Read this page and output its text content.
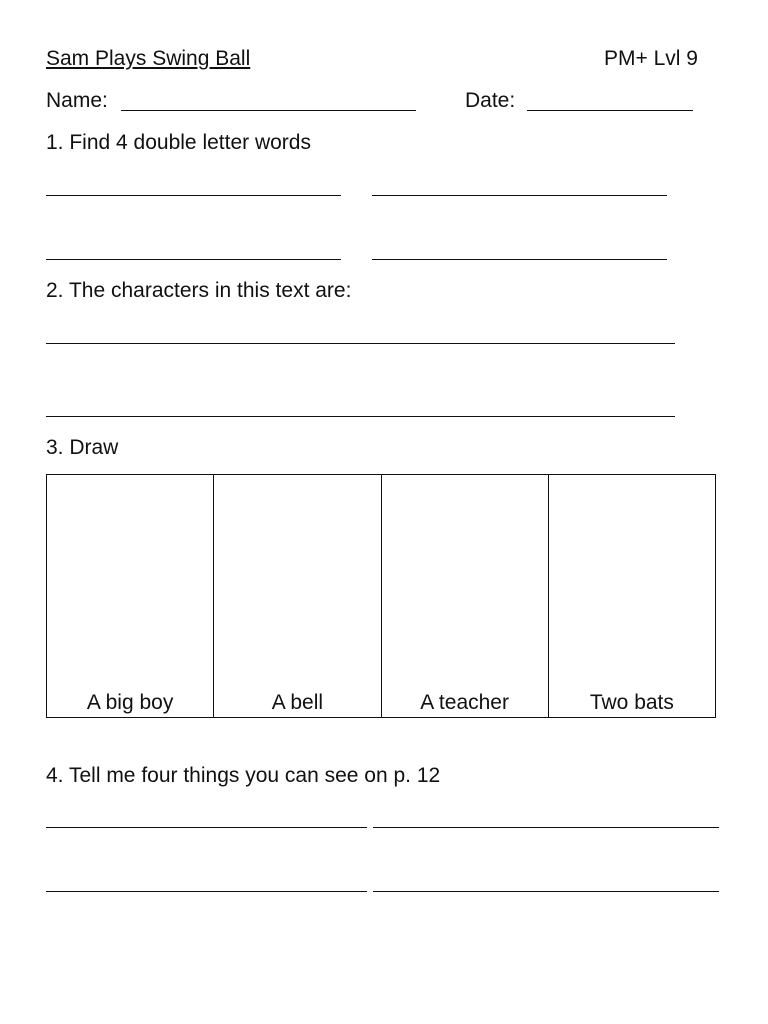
Sam Plays Swing Ball	PM+ Lvl 9
Name:	Date:
1. Find 4 double letter words
2. The characters in this text are:
3. Draw
A big boy	A bell	A teacher	Two bats
4. Tell me four things you can see on p. 12
